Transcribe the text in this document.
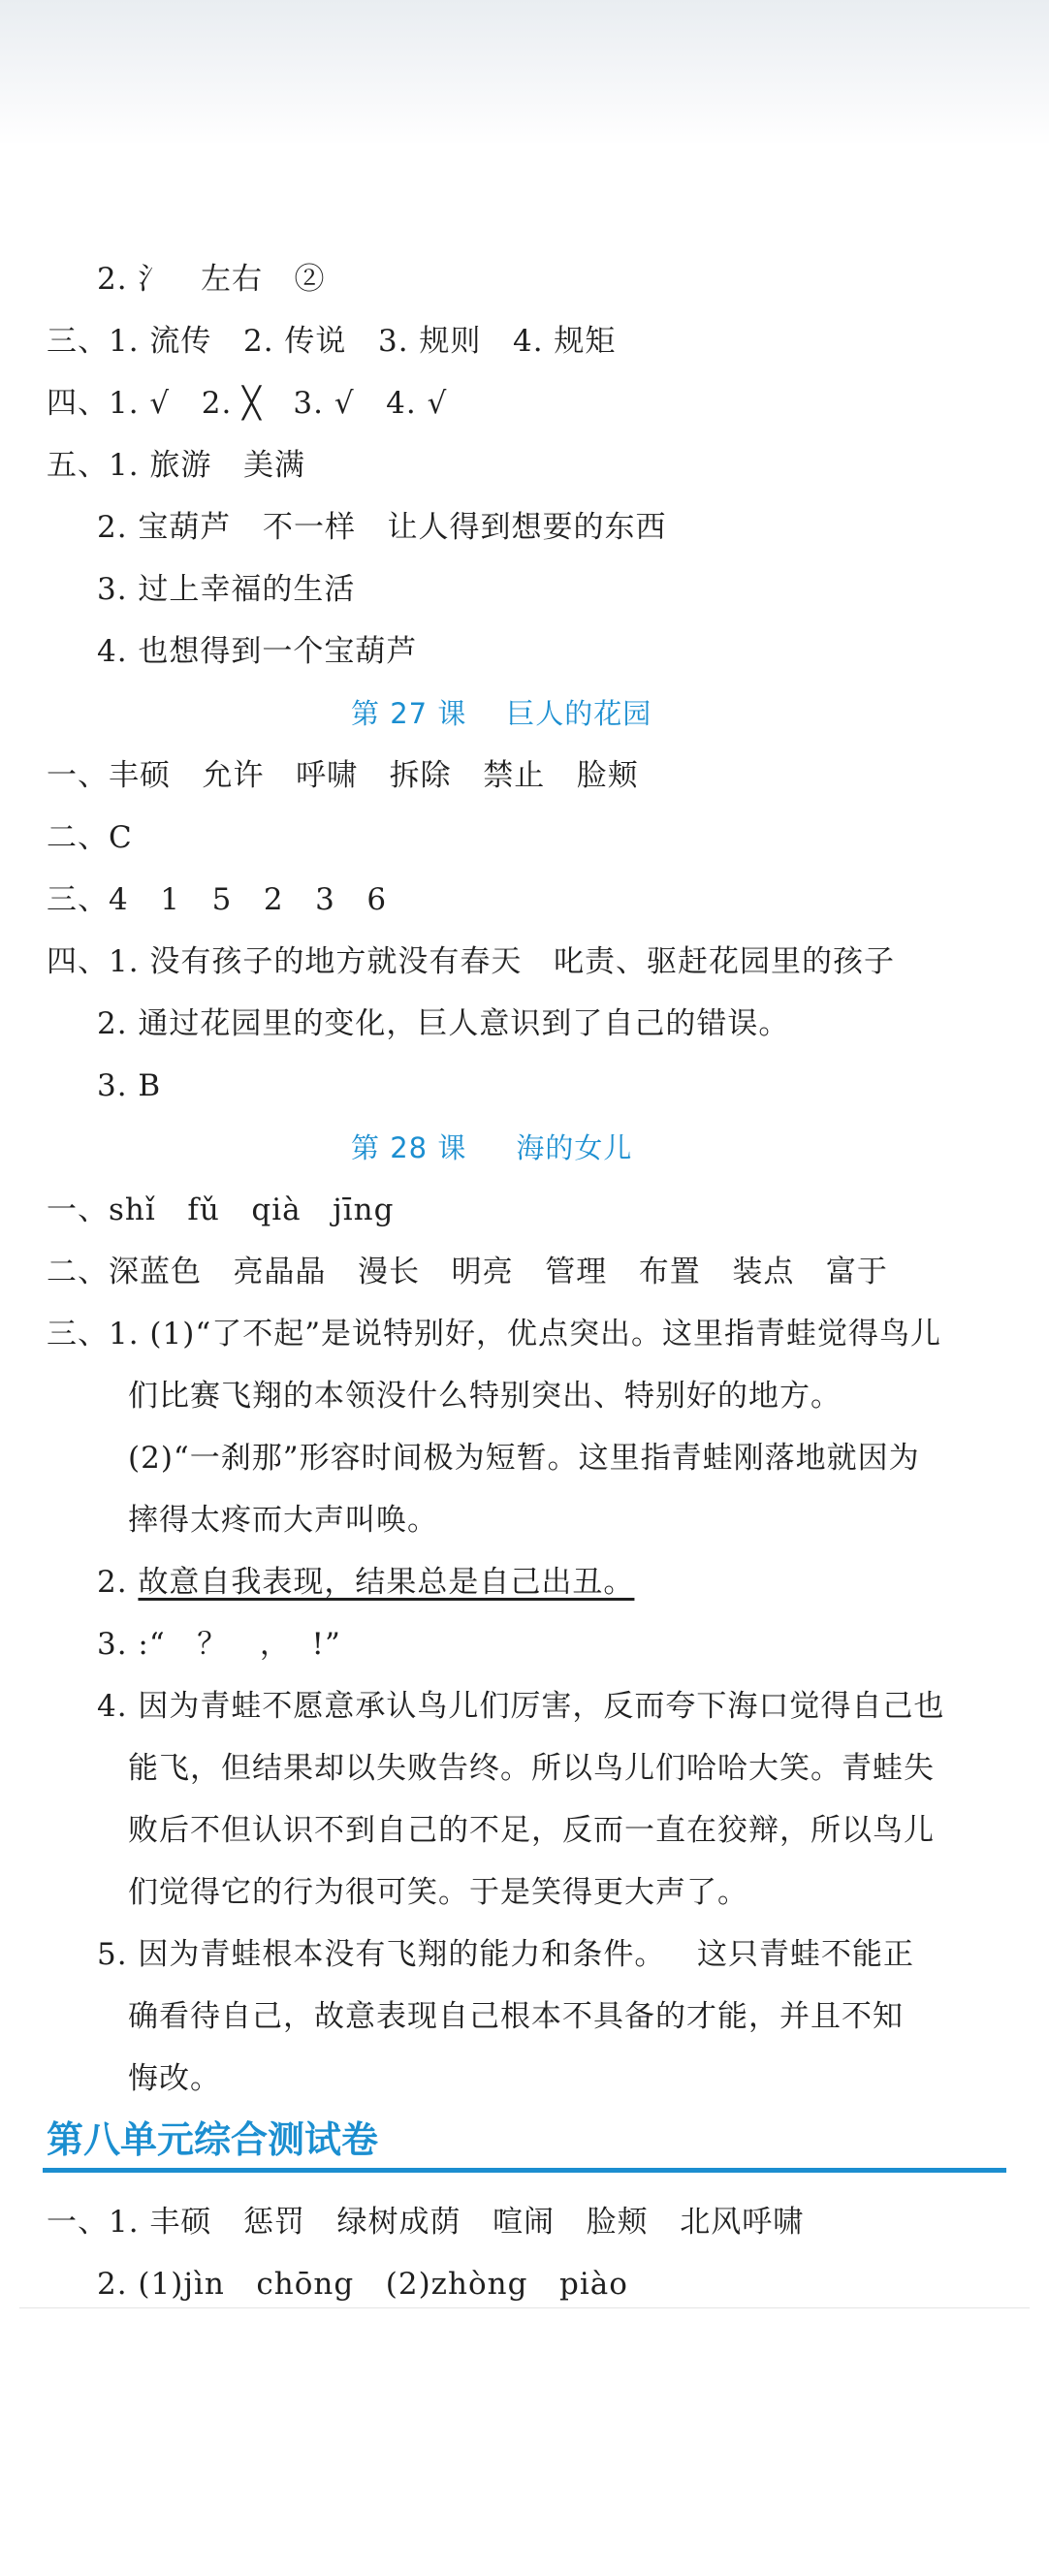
2. 氵   左右   ②
三、1. 流传   2. 传说   3. 规则   4. 规矩
四、1. √   2. ╳   3. √   4. √
五、1. 旅游   美满
2. 宝葫芦   不一样   让人得到想要的东西
3. 过上幸福的生活
4. 也想得到一个宝葫芦
第 27 课    巨人的花园
一、丰硕   允许   呼啸   拆除   禁止   脸颊
二、C
三、4   1   5   2   3   6
四、1. 没有孩子的地方就没有春天   叱责、驱赶花园里的孩子
2. 通过花园里的变化，巨人意识到了自己的错误。
3. B
第 28 课     海的女儿
一、shǐ   fǔ   qià   jīng
二、深蓝色   亮晶晶   漫长   明亮   管理   布置   装点   富于
三、1. (1)“了不起”是说特别好，优点突出。这里指青蛙觉得鸟儿
们比赛飞翔的本领没什么特别突出、特别好的地方。
(2)“一刹那”形容时间极为短暂。这里指青蛙刚落地就因为
摔得太疼而大声叫唤。
2. 故意自我表现，结果总是自己出丑。
3. :“   ？   ，  !”
4. 因为青蛙不愿意承认鸟儿们厉害，反而夸下海口觉得自己也
能飞，但结果却以失败告终。所以鸟儿们哈哈大笑。青蛙失
败后不但认识不到自己的不足，反而一直在狡辩，所以鸟儿
们觉得它的行为很可笑。于是笑得更大声了。
5. 因为青蛙根本没有飞翔的能力和条件。   这只青蛙不能正
确看待自己，故意表现自己根本不具备的才能，并且不知
悔改。
第八单元综合测试卷
一、1. 丰硕   惩罚   绿树成荫   喧闹   脸颊   北风呼啸
2. (1)jìn   chōng   (2)zhòng   piào
